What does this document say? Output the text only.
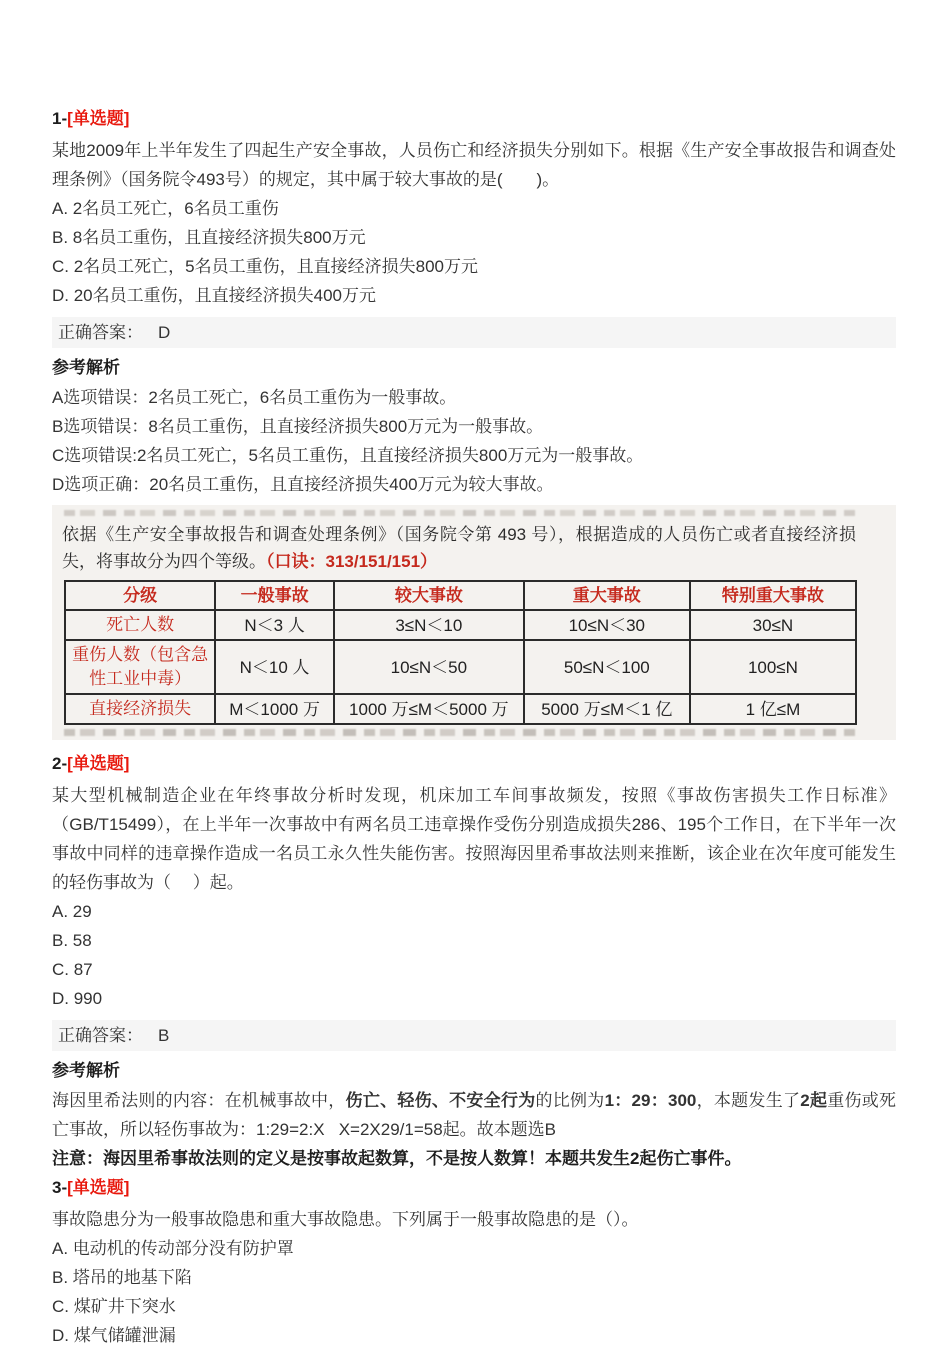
1-[单选题]

某地2009年上半年发生了四起生产安全事故，人员伤亡和经济损失分别如下。根据《生产安全事故报告和调查处理条例》（国务院令493号）的规定，其中属于较大事故的是(　　)。

A. 2名员工死亡，6名员工重伤

B. 8名员工重伤，且直接经济损失800万元

C. 2名员工死亡，5名员工重伤，且直接经济损失800万元

D. 20名员工重伤，且直接经济损失400万元

正确答案： D

参考解析

A选项错误：2名员工死亡，6名员工重伤为一般事故。

B选项错误：8名员工重伤，且直接经济损失800万元为一般事故。

C选项错误:2名员工死亡，5名员工重伤，且直接经济损失800万元为一般事故。

D选项正确：20名员工重伤，且直接经济损失400万元为较大事故。

依据《生产安全事故报告和调查处理条例》（国务院令第 493 号），根据造成的人员伤亡或者直接经济损失，将事故分为四个等级。（口诀：313/151/151）

分级	一般事故	较大事故	重大事故	特别重大事故
死亡人数	N＜3 人	3≤N＜10	10≤N＜30	30≤N
重伤人数（包含急性工业中毒）	N＜10 人	10≤N＜50	50≤N＜100	100≤N
直接经济损失	M＜1000 万	1000 万≤M＜5000 万	5000 万≤M＜1 亿	1 亿≤M

2-[单选题]

某大型机械制造企业在年终事故分析时发现，机床加工车间事故频发，按照《事故伤害损失工作日标准》（GB/T15499），在上半年一次事故中有两名员工违章操作受伤分别造成损失286、195个工作日，在下半年一次事故中同样的违章操作造成一名员工永久性失能伤害。按照海因里希事故法则来推断，该企业在次年度可能发生的轻伤事故为（　 ）起。

A. 29

B. 58

C. 87

D. 990

正确答案： B

参考解析

海因里希法则的内容：在机械事故中，伤亡、轻伤、不安全行为的比例为1：29：300，本题发生了2起重伤或死亡事故，所以轻伤事故为：1:29=2:X   X=2X29/1=58起。故本题选B

注意：海因里希事故法则的定义是按事故起数算，不是按人数算！本题共发生2起伤亡事件。

3-[单选题]

事故隐患分为一般事故隐患和重大事故隐患。下列属于一般事故隐患的是（）。

A. 电动机的传动部分没有防护罩

B. 塔吊的地基下陷

C. 煤矿井下突水

D. 煤气储罐泄漏
